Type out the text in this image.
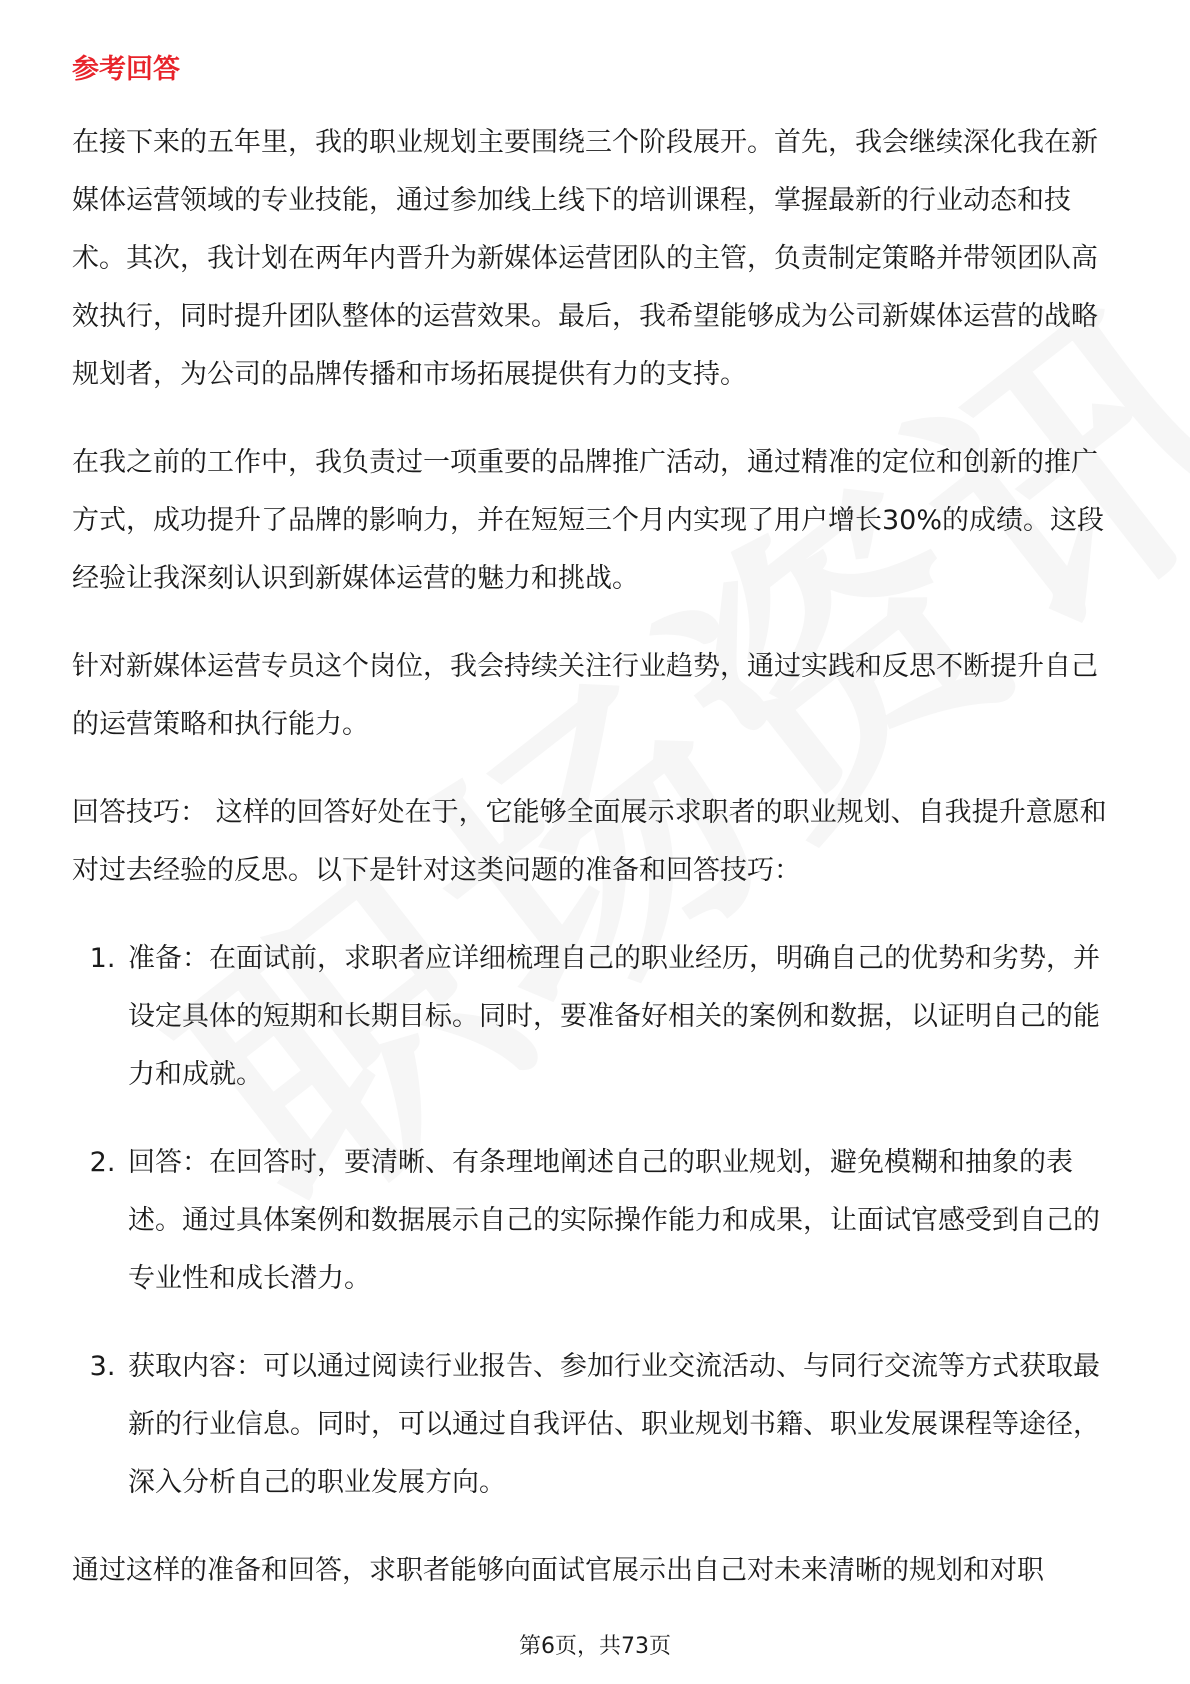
参考回答

在接下来的五年里，我的职业规划主要围绕三个阶段展开。首先，我会继续深化我在新媒体运营领域的专业技能，通过参加线上线下的培训课程，掌握最新的行业动态和技术。其次，我计划在两年内晋升为新媒体运营团队的主管，负责制定策略并带领团队高效执行，同时提升团队整体的运营效果。最后，我希望能够成为公司新媒体运营的战略规划者，为公司的品牌传播和市场拓展提供有力的支持。

在我之前的工作中，我负责过一项重要的品牌推广活动，通过精准的定位和创新的推广方式，成功提升了品牌的影响力，并在短短三个月内实现了用户增长30%的成绩。这段经验让我深刻认识到新媒体运营的魅力和挑战。

针对新媒体运营专员这个岗位，我会持续关注行业趋势，通过实践和反思不断提升自己的运营策略和执行能力。

回答技巧： 这样的回答好处在于，它能够全面展示求职者的职业规划、自我提升意愿和对过去经验的反思。以下是针对这类问题的准备和回答技巧：

1. 准备：在面试前，求职者应详细梳理自己的职业经历，明确自己的优势和劣势，并设定具体的短期和长期目标。同时，要准备好相关的案例和数据，以证明自己的能力和成就。
2. 回答：在回答时，要清晰、有条理地阐述自己的职业规划，避免模糊和抽象的表述。通过具体案例和数据展示自己的实际操作能力和成果，让面试官感受到自己的专业性和成长潜力。
3. 获取内容：可以通过阅读行业报告、参加行业交流活动、与同行交流等方式获取最新的行业信息。同时，可以通过自我评估、职业规划书籍、职业发展课程等途径，深入分析自己的职业发展方向。

通过这样的准备和回答，求职者能够向面试官展示出自己对未来清晰的规划和对职

第6页，共73页
